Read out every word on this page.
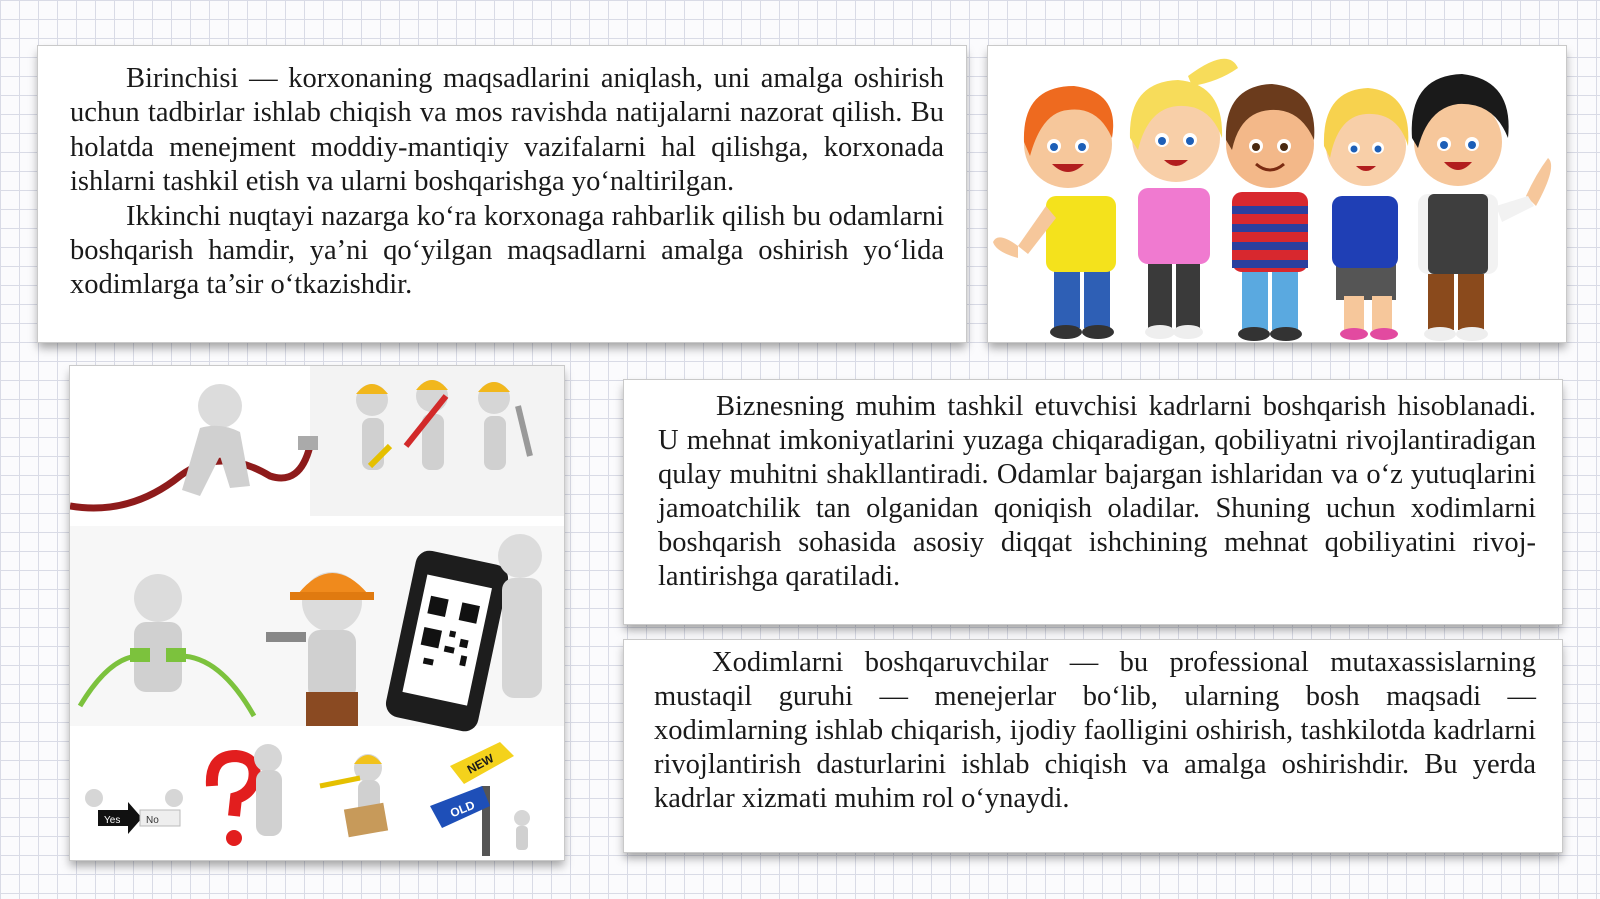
Birinchisi — korxonaning maqsadlarini aniqlash, uni amalga oshirish uchun tadbirlar ishlab chiqish va mos ravishda natijalarni nazorat qilish. Bu holatda menejment moddiy-mantiqiy vazifalarni hal qilishga, korxonada ishlarni tashkil etish va ularni boshqarishga yo‘naltirilgan.

Ikkinchi nuqtayi nazarga ko‘ra korxonaga rahbarlik qilish bu odamlarni boshqarish hamdir, ya’ni qo‘yilgan maqsadlarni amalga oshirish yo‘lida xodimlarga ta’sir o‘tkazishdir.

Yes	No
NEW
OLD

Biznesning muhim tashkil etuvchisi kadrlarni boshqarish hisoblanadi. U mehnat imkoniyatlarini yuzaga chiqaradigan, qobiliyatni rivojlantiradigan qulay muhitni shakllantiradi. Odamlar bajargan ishlaridan va o‘z yutuqlarini jamoatchilik tan olganidan qoniqish oladilar. Shuning uchun xodimlarni boshqarish sohasida asosiy diqqat ishchining mehnat qobiliyatini rivojlantirishga qaratiladi.

Xodimlarni boshqaruvchilar — bu professional mutaxassislarning mustaqil guruhi — menejerlar bo‘lib, ularning bosh maqsadi — xodimlarning ishlab chiqarish, ijodiy faolligini oshirish, tashkilotda kadrlarni rivojlantirish dasturlarini ishlab chiqish va amalga oshirishdir. Bu yerda kadrlar xizmati muhim rol o‘ynaydi.
